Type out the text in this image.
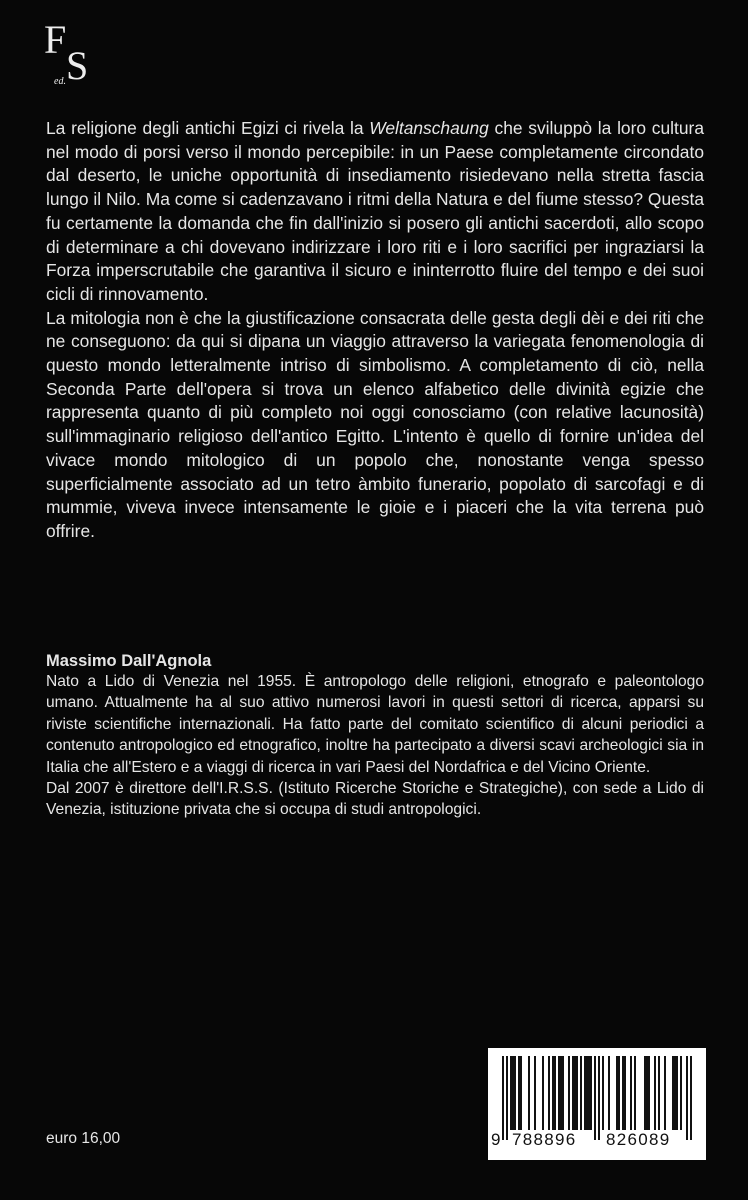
F
S
ed.

La religione degli antichi Egizi ci rivela la Weltanschaung che sviluppò la loro cultura nel modo di porsi verso il mondo percepibile: in un Paese completamente circondato dal deserto, le uniche opportunità di insediamento risiedevano nella stretta fascia lungo il Nilo. Ma come si cadenzavano i ritmi della Natura e del fiume stesso? Questa fu certamente la domanda che fin dall'inizio si posero gli antichi sacerdoti, allo scopo di determinare a chi dovevano indirizzare i loro riti e i loro sacrifici per ingraziarsi la Forza imperscrutabile che garantiva il sicuro e ininterrotto fluire del tempo e dei suoi cicli di rinnovamento.

La mitologia non è che la giustificazione consacrata delle gesta degli dèi e dei riti che ne conseguono: da qui si dipana un viaggio attraverso la variegata fenomenologia di questo mondo letteralmente intriso di simbolismo. A completamento di ciò, nella Seconda Parte dell'opera si trova un elenco alfabetico delle divinità egizie che rappresenta quanto di più completo noi oggi conosciamo (con relative lacunosità) sull'immaginario religioso dell'antico Egitto. L'intento è quello di fornire un'idea del vivace mondo mitologico di un popolo che, nonostante venga spesso superficialmente associato ad un tetro àmbito funerario, popolato di sarcofagi e di mummie, viveva invece intensamente le gioie e i piaceri che la vita terrena può offrire.

Massimo Dall'Agnola

Nato a Lido di Venezia nel 1955. È antropologo delle religioni, etnografo e paleontologo umano. Attualmente ha al suo attivo numerosi lavori in questi settori di ricerca, apparsi su riviste scientifiche internazionali. Ha fatto parte del comitato scientifico di alcuni periodici a contenuto antropologico ed etnografico, inoltre ha partecipato a diversi scavi archeologici sia in Italia che all'Estero e a viaggi di ricerca in vari Paesi del Nordafrica e del Vicino Oriente.

Dal 2007 è direttore dell'I.R.S.S. (Istituto Ricerche Storiche e Strategiche), con sede a Lido di Venezia, istituzione privata che si occupa di studi antropologici.

euro 16,00	9 788896 826089
